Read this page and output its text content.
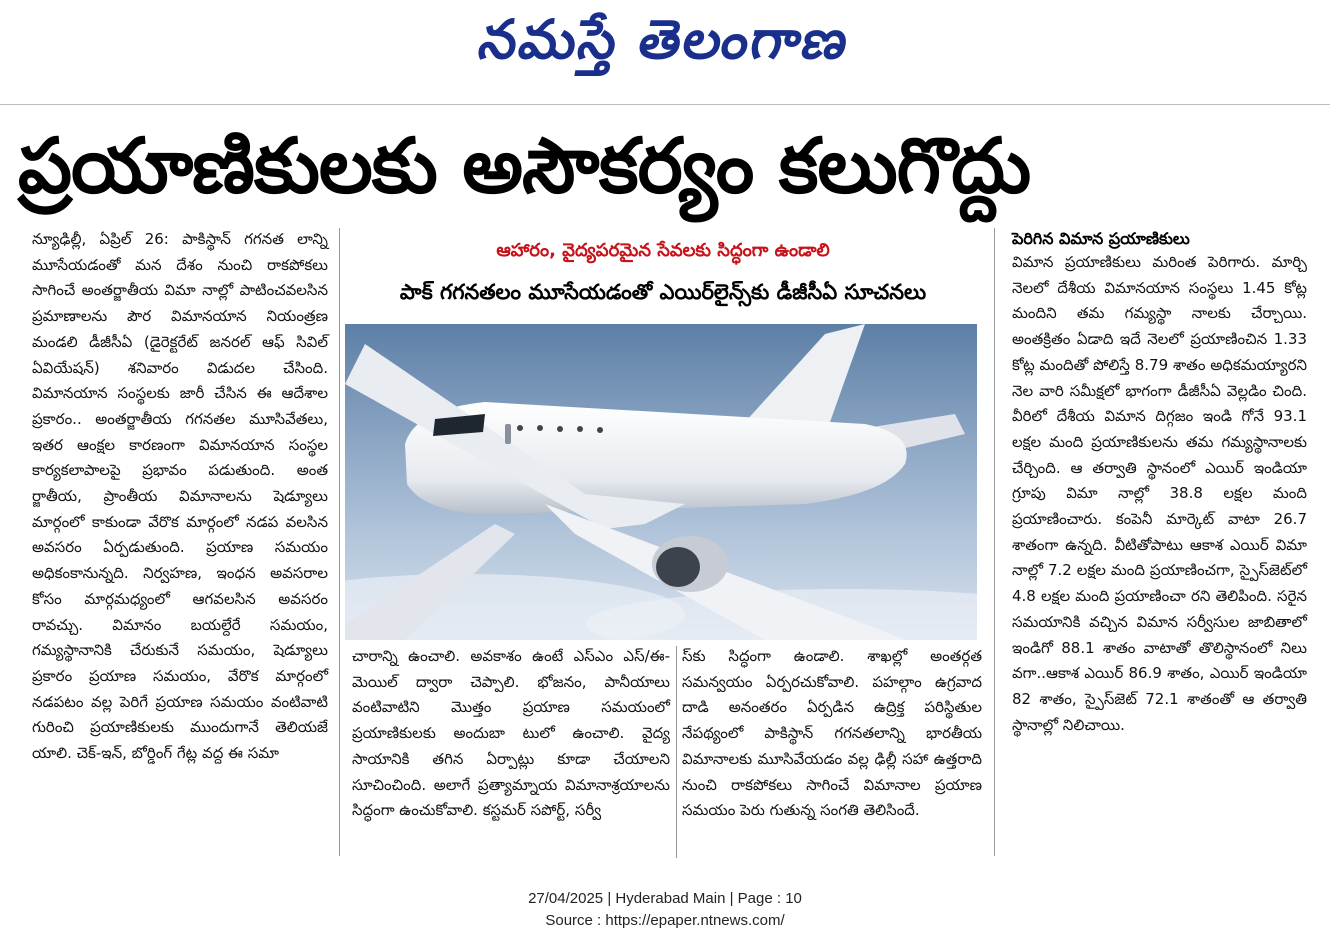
నమస్తే తెలంగాణ
ప్రయాణికులకు అసౌకర్యం కలుగొద్దు
న్యూఢిల్లీ, ఏప్రిల్ 26: పాకిస్థాన్ గగనత లాన్ని మూసేయడంతో మన దేశం నుంచి రాకపోకలు సాగించే అంతర్జాతీయ విమా నాల్లో పాటించవలసిన ప్రమాణాలను పౌర విమానయాన నియంత్రణ మండలి డీజీసీఏ (డైరెక్టరేట్ జనరల్ ఆఫ్ సివిల్ ఏవియేషన్) శనివారం విడుదల చేసింది. విమానయాన సంస్థలకు జారీ చేసిన ఈ ఆదేశాల ప్రకారం.. అంతర్జాతీయ గగనతల మూసివేతలు, ఇతర ఆంక్షల కారణంగా విమానయాన సంస్థల కార్యకలాపాలపై ప్రభావం పడుతుంది. అంత ర్జాతీయ, ప్రాంతీయ విమానాలను షెడ్యూలు మార్గంలో కాకుండా వేరొక మార్గంలో నడప వలసిన అవసరం ఏర్పడుతుంది. ప్రయాణ సమయం అధికంకానున్నది. నిర్వహణ, ఇంధన అవసరాల కోసం మార్గమధ్యంలో ఆగవలసిన అవసరం రావచ్చు. విమానం బయల్దేరే సమయం, గమ్యస్థానానికి చేరుకునే సమయం, షెడ్యూలు ప్రకారం ప్రయాణ సమయం, వేరొక మార్గంలో నడపటం వల్ల పెరిగే ప్రయాణ సమయం వంటివాటి గురించి ప్రయాణికులకు ముందుగానే తెలియజే యాలి. చెక్-ఇన్, బోర్డింగ్ గేట్ల వద్ద ఈ సమా
ఆహారం, వైద్యపరమైన సేవలకు సిద్ధంగా ఉండాలి
పాక్ గగనతలం మూసేయడంతో ఎయిర్‌లైన్స్‌కు డీజీసీఏ సూచనలు
చారాన్ని ఉంచాలి. అవకాశం ఉంటే ఎస్ఎం ఎస్/ఈ-మెయిల్ ద్వారా చెప్పాలి. భోజనం, పానీయాలు వంటివాటిని మొత్తం ప్రయాణ సమయంలో ప్రయాణికులకు అందుబా టులో ఉంచాలి. వైద్య సాయానికి తగిన ఏర్పాట్లు కూడా చేయాలని సూచించింది. అలాగే ప్రత్యామ్నాయ విమానాశ్రయాలను సిద్ధంగా ఉంచుకోవాలి. కస్టమర్ సపోర్ట్, సర్వీ
స్‌కు సిద్ధంగా ఉండాలి. శాఖల్లో అంతర్గత సమన్వయం ఏర్పరచుకోవాలి. పహల్గాం ఉగ్రవాద దాడి అనంతరం ఏర్పడిన ఉద్రిక్త పరిస్థితుల నేపథ్యంలో పాకిస్థాన్ గగనతలాన్ని భారతీయ విమానాలకు మూసివేయడం వల్ల ఢిల్లీ సహా ఉత్తరాది నుంచి రాకపోకలు సాగించే విమానాల ప్రయాణ సమయం పెరు గుతున్న సంగతి తెలిసిందే.
పెరిగిన విమాన ప్రయాణికులు
విమాన ప్రయాణికులు మరింత పెరిగారు. మార్చి నెలలో దేశీయ విమానయాన సంస్థలు 1.45 కోట్ల మందిని తమ గమ్యస్థా నాలకు చేర్చాయి. అంతక్రితం ఏడాది ఇదే నెలలో ప్రయాణించిన 1.33 కోట్ల మందితో పోలిస్తే 8.79 శాతం అధికమయ్యారని నెల వారి సమీక్షలో భాగంగా డీజీసీఏ వెల్లడిం చింది. వీరిలో దేశీయ విమాన దిగ్గజం ఇండి గోనే 93.1 లక్షల మంది ప్రయాణికులను తమ గమ్యస్థానాలకు చేర్చింది. ఆ తర్వాతి స్థానంలో ఎయిర్ ఇండియా గ్రూపు విమా నాల్లో 38.8 లక్షల మంది ప్రయాణించారు. కంపెనీ మార్కెట్ వాటా 26.7 శాతంగా ఉన్నది. వీటితోపాటు ఆకాశ ఎయిర్ విమా నాల్లో 7.2 లక్షల మంది ప్రయాణించగా, స్పైస్‌జెట్‌లో 4.8 లక్షల మంది ప్రయాణించా రని తెలిపింది. సరైన సమయానికి వచ్చిన విమాన సర్వీసుల జాబితాలో ఇండిగో 88.1 శాతం వాటాతో తొలిస్థానంలో నిలు వగా..ఆకాశ ఎయిర్ 86.9 శాతం, ఎయిర్ ఇండియా 82 శాతం, స్పైస్‌జెట్ 72.1 శాతంతో ఆ తర్వాతి స్థానాల్లో నిలిచాయి.
27/04/2025 | Hyderabad Main | Page : 10
Source : https://epaper.ntnews.com/
